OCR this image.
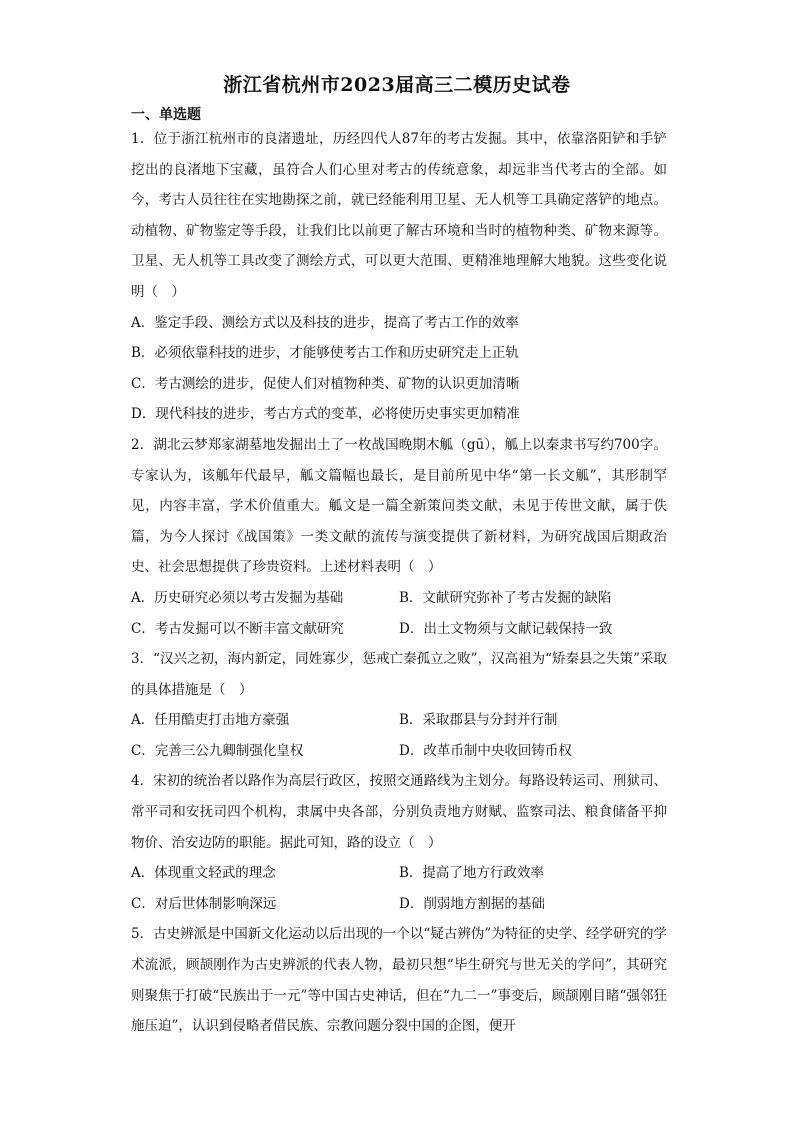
浙江省杭州市2023届高三二模历史试卷
一、单选题

1．位于浙江杭州市的良渚遗址，历经四代人87年的考古发掘。其中，依靠洛阳铲和手铲挖出的良渚地下宝藏，虽符合人们心里对考古的传统意象，却远非当代考古的全部。如今，考古人员往往在实地勘探之前，就已经能利用卫星、无人机等工具确定落铲的地点。动植物、矿物鉴定等手段，让我们比以前更了解古环境和当时的植物种类、矿物来源等。卫星、无人机等工具改变了测绘方式，可以更大范围、更精准地理解大地貌。这些变化说明（　）

A．鉴定手段、测绘方式以及科技的进步，提高了考古工作的效率

B．必须依靠科技的进步，才能够使考古工作和历史研究走上正轨

C．考古测绘的进步，促使人们对植物种类、矿物的认识更加清晰

D．现代科技的进步，考古方式的变革，必将使历史事实更加精准

2．湖北云梦郑家湖墓地发掘出土了一枚战国晚期木觚（gū），觚上以秦隶书写约700字。专家认为，该觚年代最早，觚文篇幅也最长，是目前所见中华“第一长文觚”，其形制罕见，内容丰富，学术价值重大。觚文是一篇全新策问类文献，未见于传世文献，属于佚篇，为今人探讨《战国策》一类文献的流传与演变提供了新材料，为研究战国后期政治史、社会思想提供了珍贵资料。上述材料表明（　）

A．历史研究必须以考古发掘为基础	B．文献研究弥补了考古发掘的缺陷
C．考古发掘可以不断丰富文献研究	D．出土文物须与文献记载保持一致

3．“汉兴之初，海内新定，同姓寡少，惩戒亡秦孤立之败”，汉高祖为“矫秦县之失策”采取的具体措施是（　）

A．任用酷吏打击地方豪强	B．采取郡县与分封并行制
C．完善三公九卿制强化皇权	D．改革币制中央收回铸币权

4．宋初的统治者以路作为高层行政区，按照交通路线为主划分。每路设转运司、刑狱司、常平司和安抚司四个机构，隶属中央各部，分别负责地方财赋、监察司法、粮食储备平抑物价、治安边防的职能。据此可知，路的设立（　）

A．体现重文轻武的理念	B．提高了地方行政效率
C．对后世体制影响深远	D．削弱地方割据的基础

5．古史辨派是中国新文化运动以后出现的一个以“疑古辨伪”为特征的史学、经学研究的学术流派，顾颉刚作为古史辨派的代表人物，最初只想“毕生研究与世无关的学问”，其研究则聚焦于打破“民族出于一元”等中国古史神话，但在“九二一”事变后，顾颉刚目睹“强邻狂施压迫”，认识到侵略者借民族、宗教问题分裂中国的企图，便开
